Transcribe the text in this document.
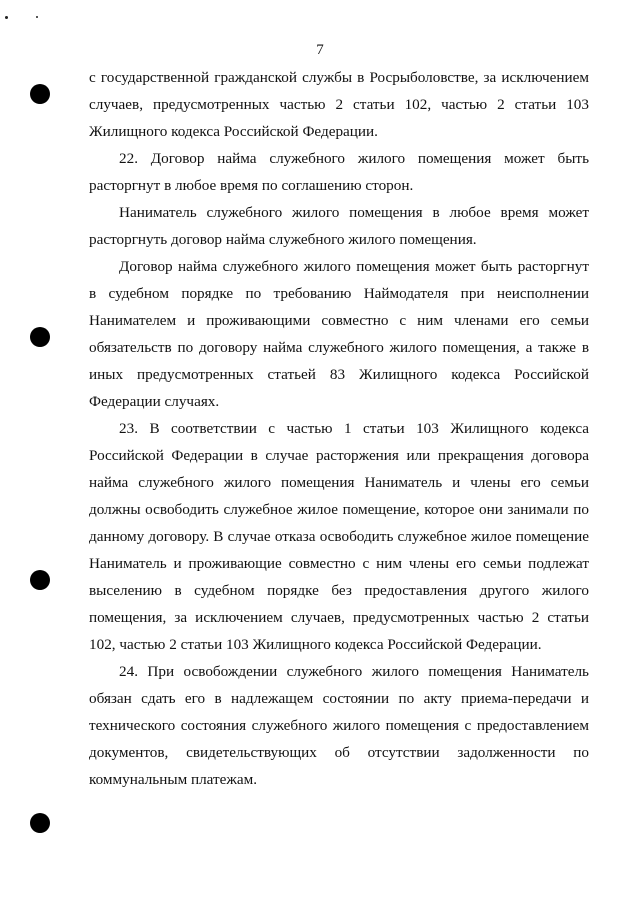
7

с государственной гражданской службы в Росрыболовстве, за исключением случаев, предусмотренных частью 2 статьи 102, частью 2 статьи 103 Жилищного кодекса Российской Федерации.

22. Договор найма служебного жилого помещения может быть расторгнут в любое время по соглашению сторон.

Наниматель служебного жилого помещения в любое время может расторгнуть договор найма служебного жилого помещения.

Договор найма служебного жилого помещения может быть расторгнут в судебном порядке по требованию Наймодателя при неисполнении Нанимателем и проживающими совместно с ним членами его семьи обязательств по договору найма служебного жилого помещения, а также в иных предусмотренных статьей 83 Жилищного кодекса Российской Федерации случаях.

23. В соответствии с частью 1 статьи 103 Жилищного кодекса Российской Федерации в случае расторжения или прекращения договора найма служебного жилого помещения Наниматель и члены его семьи должны освободить служебное жилое помещение, которое они занимали по данному договору. В случае отказа освободить служебное жилое помещение Наниматель и проживающие совместно с ним члены его семьи подлежат выселению в судебном порядке без предоставления другого жилого помещения, за исключением случаев, предусмотренных частью 2 статьи 102, частью 2 статьи 103 Жилищного кодекса Российской Федерации.

24. При освобождении служебного жилого помещения Наниматель обязан сдать его в надлежащем состоянии по акту приема-передачи и технического состояния служебного жилого помещения с предоставлением документов, свидетельствующих об отсутствии задолженности по коммунальным платежам.
